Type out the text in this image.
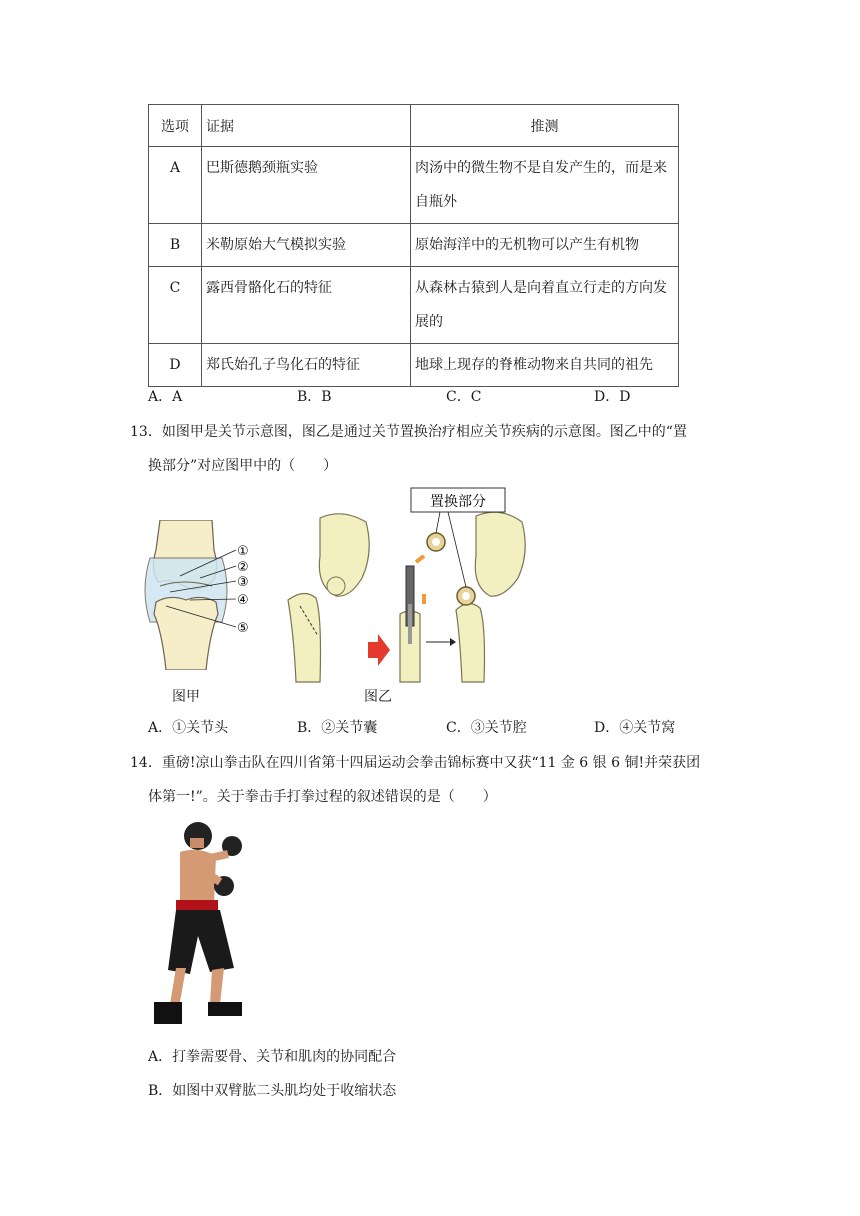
选项	证据	推测
A	巴斯德鹅颈瓶实验	肉汤中的微生物不是自发产生的，而是来自瓶外
B	米勒原始大气模拟实验	原始海洋中的无机物可以产生有机物
C	露西骨骼化石的特征	从森林古猿到人是向着直立行走的方向发展的
D	郑氏始孔子鸟化石的特征	地球上现存的脊椎动物来自共同的祖先
A．A	B．B	C．C	D．D
13．如图甲是关节示意图，图乙是通过关节置换治疗相应关节疾病的示意图。图乙中的“置
换部分”对应图甲中的（　　）
①
②
③
④
⑤
图甲
置换部分
图乙
A．①关节头	B．②关节囊	C．③关节腔	D．④关节窝
14．重磅!凉山拳击队在四川省第十四届运动会拳击锦标赛中又获“11 金 6 银 6 铜!并荣获团
体第一!”。关于拳击手打拳过程的叙述错误的是（　　）
A．打拳需要骨、关节和肌肉的协同配合
B．如图中双臂肱二头肌均处于收缩状态
